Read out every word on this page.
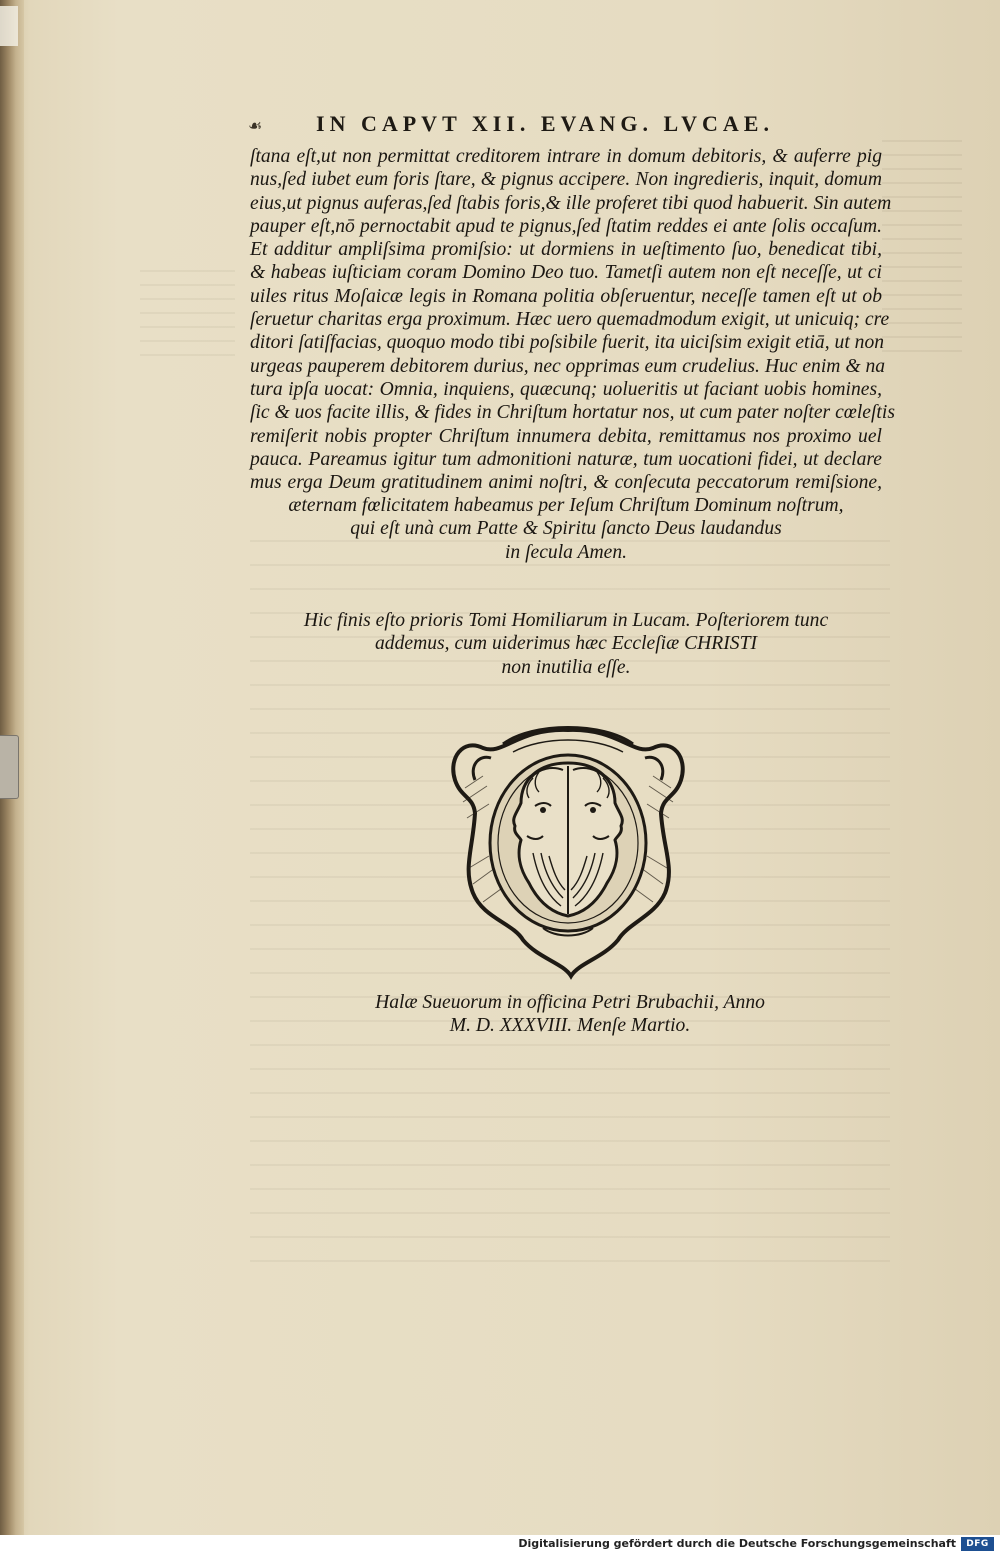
☙	IN CAPVT XII. EVANG. LVCAE.
ſtana eſt,ut non permittat creditorem intrare in domum debitoris, & auferre pig
nus,ſed iubet eum foris ſtare, & pignus accipere. Non ingredieris, inquit, domum
eius,ut pignus auferas,ſed ſtabis foris,& ille proferet tibi quod habuerit. Sin autem
pauper eſt,nō pernoctabit apud te pignus,ſed ſtatim reddes ei ante ſolis occaſum.
Et additur ampliſsima promiſsio: ut dormiens in ueſtimento ſuo, benedicat tibi,
& habeas iuſticiam coram Domino Deo tuo. Tametſi autem non eſt neceſſe, ut ci
uiles ritus Moſaicæ legis in Romana politia obſeruentur, neceſſe tamen eſt ut ob
ſeruetur charitas erga proximum. Hæc uero quemadmodum exigit, ut unicuiq; cre
ditori ſatiſfacias, quoquo modo tibi poſsibile fuerit, ita uiciſsim exigit etiā, ut non
urgeas pauperem debitorem durius, nec opprimas eum crudelius. Huc enim & na
tura ipſa uocat: Omnia, inquiens, quæcunq; uolueritis ut faciant uobis homines,
ſic & uos facite illis, & fides in Chriſtum hortatur nos, ut cum pater noſter cœleſtis
remiſerit nobis propter Chriſtum innumera debita, remittamus nos proximo uel
pauca. Pareamus igitur tum admonitioni naturæ, tum uocationi fidei, ut declare
mus erga Deum gratitudinem animi noſtri, & conſecuta peccatorum remiſsione,
æternam fœlicitatem habeamus per Ieſum Chriſtum Dominum noſtrum,
qui eſt unà cum Patte & Spiritu ſancto Deus laudandus
in ſecula Amen.
Hic finis eſto prioris Tomi Homiliarum in Lucam. Poſteriorem tunc
addemus, cum uiderimus hæc Eccleſiæ CHRISTI
non inutilia eſſe.
Halæ Sueuorum in officina Petri Brubachii, Anno
M. D. XXXVIII. Menſe Martio.
Digitalisierung gefördert durch die Deutsche Forschungsgemeinschaft	DFG
